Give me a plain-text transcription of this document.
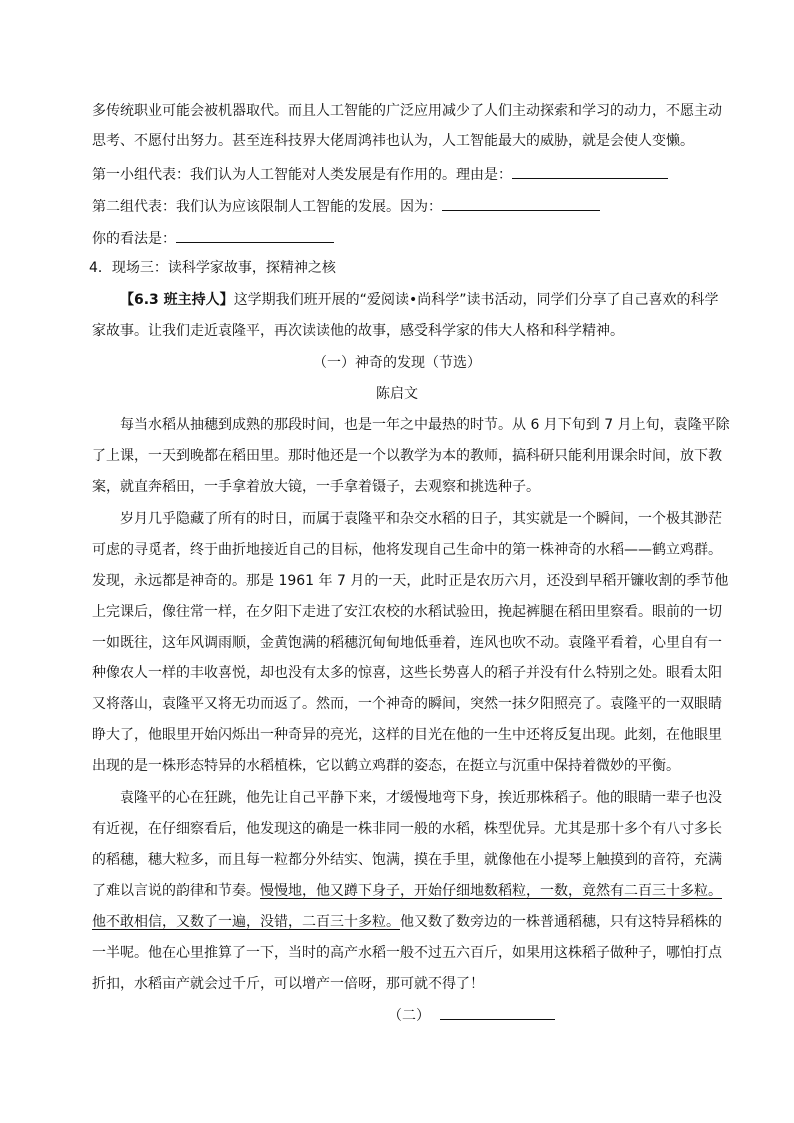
多传统职业可能会被机器取代。而且人工智能的广泛应用减少了人们主动探索和学习的动力，不愿主动
思考、不愿付出努力。甚至连科技界大佬周鸿祎也认为，人工智能最大的威胁，就是会使人变懒。
第一小组代表：我们认为人工智能对人类发展是有作用的。理由是：
第二组代表：我们认为应该限制人工智能的发展。因为：
你的看法是：
4．现场三：读科学家故事，探精神之核
【6.3 班主持人】这学期我们班开展的“爱阅读•尚科学”读书活动，同学们分享了自己喜欢的科学
家故事。让我们走近袁隆平，再次读读他的故事，感受科学家的伟大人格和科学精神。
（一）神奇的发现（节选）
陈启文
每当水稻从抽穗到成熟的那段时间，也是一年之中最热的时节。从 6 月下旬到 7 月上旬，袁隆平除
了上课，一天到晚都在稻田里。那时他还是一个以教学为本的教师，搞科研只能利用课余时间，放下教
案，就直奔稻田，一手拿着放大镜，一手拿着镊子，去观察和挑选种子。
岁月几乎隐藏了所有的时日，而属于袁隆平和杂交水稻的日子，其实就是一个瞬间，一个极其渺茫
可虑的寻觅者，终于曲折地接近自己的目标，他将发现自己生命中的第一株神奇的水稻——鹤立鸡群。
发现，永远都是神奇的。那是 1961 年 7 月的一天，此时正是农历六月，还没到早稻开镰收割的季节他
上完课后，像往常一样，在夕阳下走进了安江农校的水稻试验田，挽起裤腿在稻田里察看。眼前的一切
一如既往，这年风调雨顺，金黄饱满的稻穗沉甸甸地低垂着，连风也吹不动。袁隆平看着，心里自有一
种像农人一样的丰收喜悦，却也没有太多的惊喜，这些长势喜人的稻子并没有什么特别之处。眼看太阳
又将落山，袁隆平又将无功而返了。然而，一个神奇的瞬间，突然一抹夕阳照亮了。袁隆平的一双眼睛
睁大了，他眼里开始闪烁出一种奇异的亮光，这样的目光在他的一生中还将反复出现。此刻，在他眼里
出现的是一株形态特异的水稻植株，它以鹤立鸡群的姿态，在挺立与沉重中保持着微妙的平衡。
袁隆平的心在狂跳，他先让自己平静下来，才缓慢地弯下身，挨近那株稻子。他的眼睛一辈子也没
有近视，在仔细察看后，他发现这的确是一株非同一般的水稻，株型优异。尤其是那十多个有八寸多长
的稻穗，穗大粒多，而且每一粒都分外结实、饱满，摸在手里，就像他在小提琴上触摸到的音符，充满
了难以言说的韵律和节奏。慢慢地，他又蹲下身子，开始仔细地数稻粒，一数，竟然有二百三十多粒。
他不敢相信，又数了一遍，没错，二百三十多粒。他又数了数旁边的一株普通稻穗，只有这特异稻株的
一半呢。他在心里推算了一下，当时的高产水稻一般不过五六百斤，如果用这株稻子做种子，哪怕打点
折扣，水稻亩产就会过千斤，可以增产一倍呀，那可就不得了！
（二）
